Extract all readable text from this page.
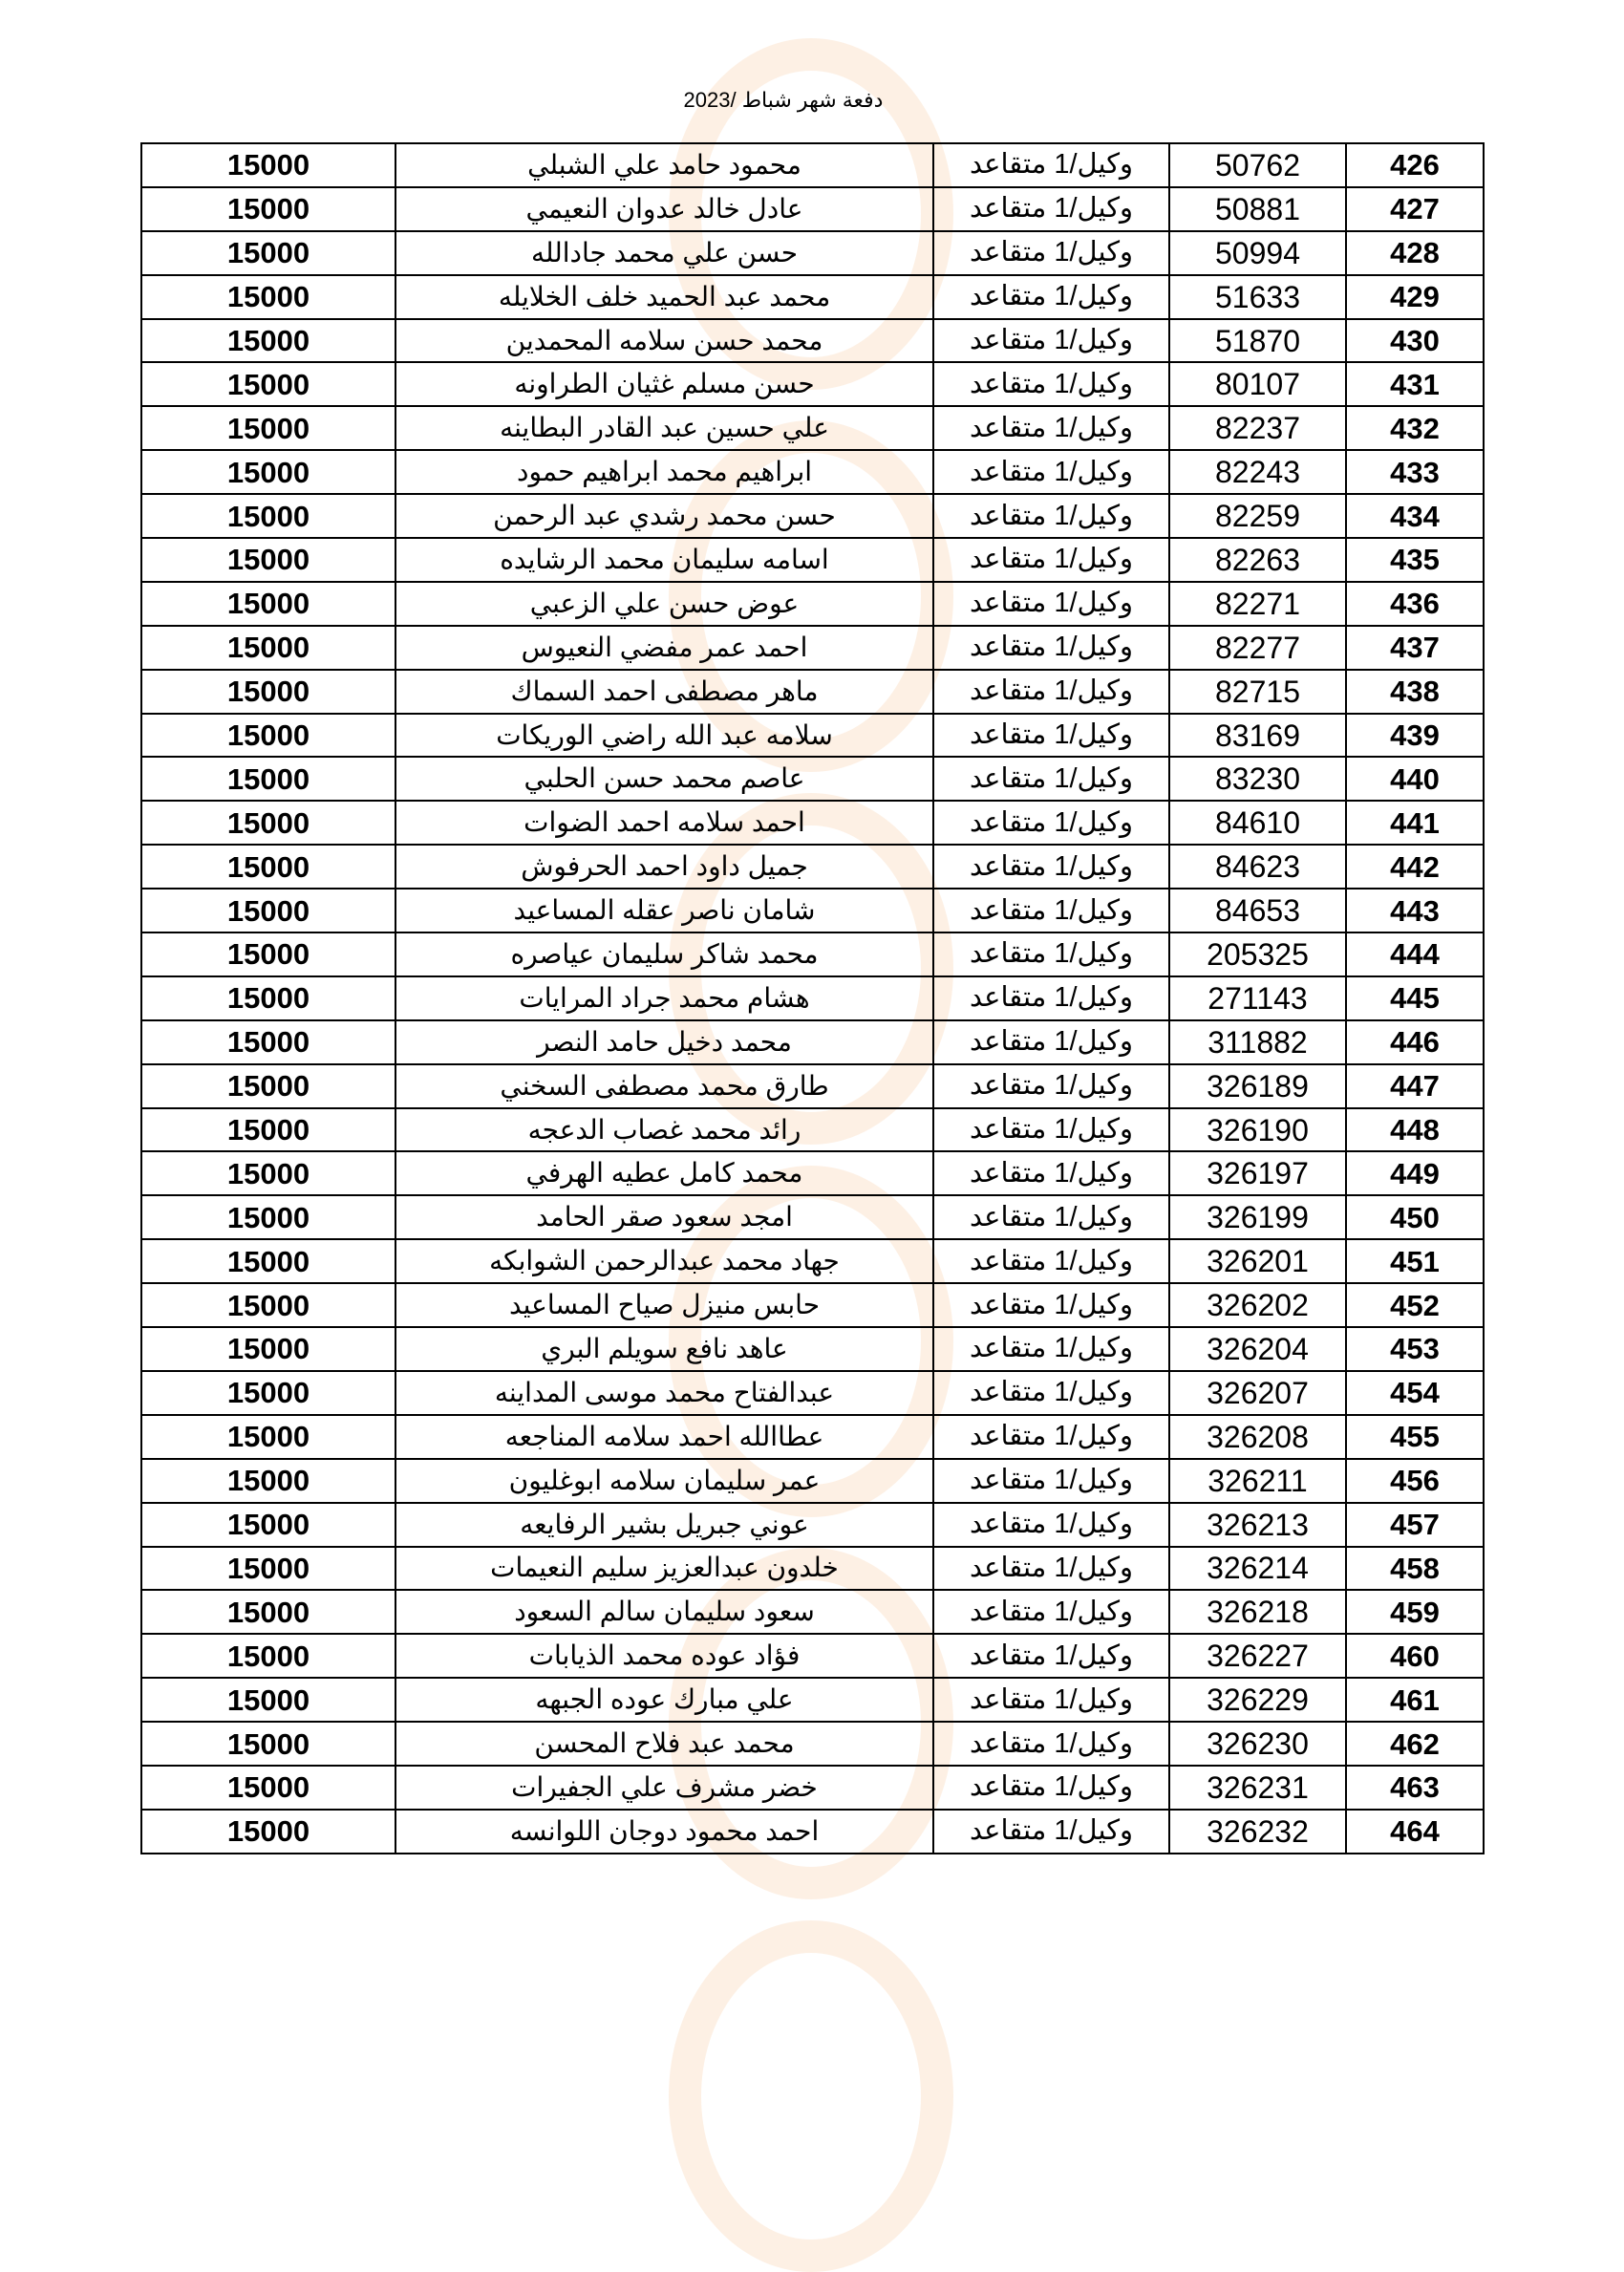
دفعة شهر شباط /2023
15000	محمود حامد علي الشبلي	وكيل/1 متقاعد	50762	426
15000	عادل خالد عدوان النعيمي	وكيل/1 متقاعد	50881	427
15000	حسن علي محمد جادالله	وكيل/1 متقاعد	50994	428
15000	محمد عبد الحميد خلف الخلايله	وكيل/1 متقاعد	51633	429
15000	محمد حسن سلامه المحمدين	وكيل/1 متقاعد	51870	430
15000	حسن مسلم غثيان الطراونه	وكيل/1 متقاعد	80107	431
15000	علي حسين عبد القادر البطاينه	وكيل/1 متقاعد	82237	432
15000	ابراهيم محمد ابراهيم حمود	وكيل/1 متقاعد	82243	433
15000	حسن محمد رشدي عبد الرحمن	وكيل/1 متقاعد	82259	434
15000	اسامه سليمان محمد الرشايده	وكيل/1 متقاعد	82263	435
15000	عوض حسن علي الزعبي	وكيل/1 متقاعد	82271	436
15000	احمد عمر مفضي النعيوس	وكيل/1 متقاعد	82277	437
15000	ماهر مصطفى احمد السماك	وكيل/1 متقاعد	82715	438
15000	سلامه عبد الله راضي الوريكات	وكيل/1 متقاعد	83169	439
15000	عاصم محمد حسن الحلبي	وكيل/1 متقاعد	83230	440
15000	احمد سلامه احمد الضوات	وكيل/1 متقاعد	84610	441
15000	جميل داود احمد الحرفوش	وكيل/1 متقاعد	84623	442
15000	شامان ناصر عقله المساعيد	وكيل/1 متقاعد	84653	443
15000	محمد شاكر سليمان عياصره	وكيل/1 متقاعد	205325	444
15000	هشام محمد جراد المرايات	وكيل/1 متقاعد	271143	445
15000	محمد دخيل حامد النصر	وكيل/1 متقاعد	311882	446
15000	طارق محمد مصطفى السخني	وكيل/1 متقاعد	326189	447
15000	رائد محمد غصاب الدعجه	وكيل/1 متقاعد	326190	448
15000	محمد كامل عطيه الهرفي	وكيل/1 متقاعد	326197	449
15000	امجد سعود صقر الحامد	وكيل/1 متقاعد	326199	450
15000	جهاد محمد عبدالرحمن الشوابكه	وكيل/1 متقاعد	326201	451
15000	حابس منيزل صياح المساعيد	وكيل/1 متقاعد	326202	452
15000	عاهد نافع سويلم البري	وكيل/1 متقاعد	326204	453
15000	عبدالفتاح محمد موسى المداينه	وكيل/1 متقاعد	326207	454
15000	عطاالله احمد سلامه المناجعه	وكيل/1 متقاعد	326208	455
15000	عمر سليمان سلامه ابوغليون	وكيل/1 متقاعد	326211	456
15000	عوني جبريل بشير الرفايعه	وكيل/1 متقاعد	326213	457
15000	خلدون عبدالعزيز سليم النعيمات	وكيل/1 متقاعد	326214	458
15000	سعود سليمان سالم السعود	وكيل/1 متقاعد	326218	459
15000	فؤاد عوده محمد الذيابات	وكيل/1 متقاعد	326227	460
15000	علي مبارك عوده الجبهه	وكيل/1 متقاعد	326229	461
15000	محمد عبد فلاح المحسن	وكيل/1 متقاعد	326230	462
15000	خضر مشرف علي الجفيرات	وكيل/1 متقاعد	326231	463
15000	احمد محمود دوجان اللوانسه	وكيل/1 متقاعد	326232	464
